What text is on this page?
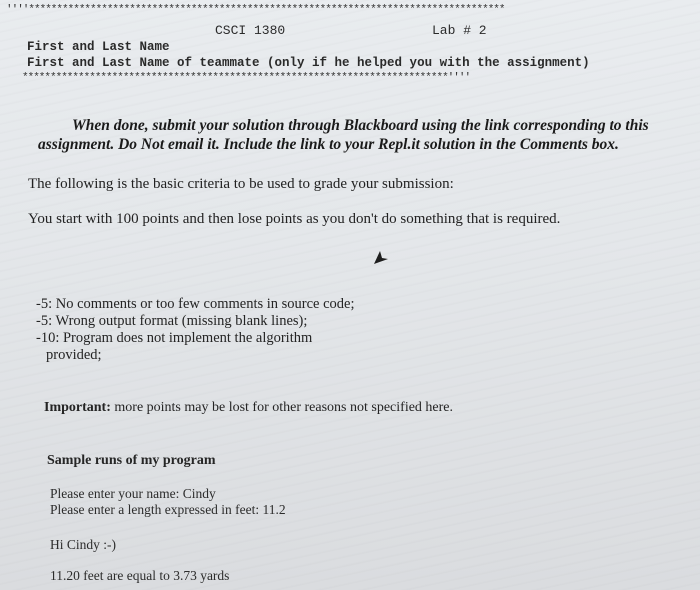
''''*************************************************************************************
CSCI 1380	Lab # 2
First and Last Name
First and Last Name of teammate (only if he helped you with the assignment)
****************************************************************************''''
When done, submit your solution through Blackboard using the link corresponding to this assignment. Do Not email it. Include the link to your Repl.it solution in the Comments box.
The following is the basic criteria to be used to grade your submission:
You start with 100 points and then lose points as you don't do something that is required.
-5: No comments or too few comments in source code;
-5: Wrong output format (missing blank lines);
-10: Program does not implement the algorithm
provided;
Important: more points may be lost for other reasons not specified here.
Sample runs of my program
Please enter your name: Cindy
Please enter a length expressed in feet: 11.2
Hi Cindy :-)
11.20 feet are equal to 3.73 yards
